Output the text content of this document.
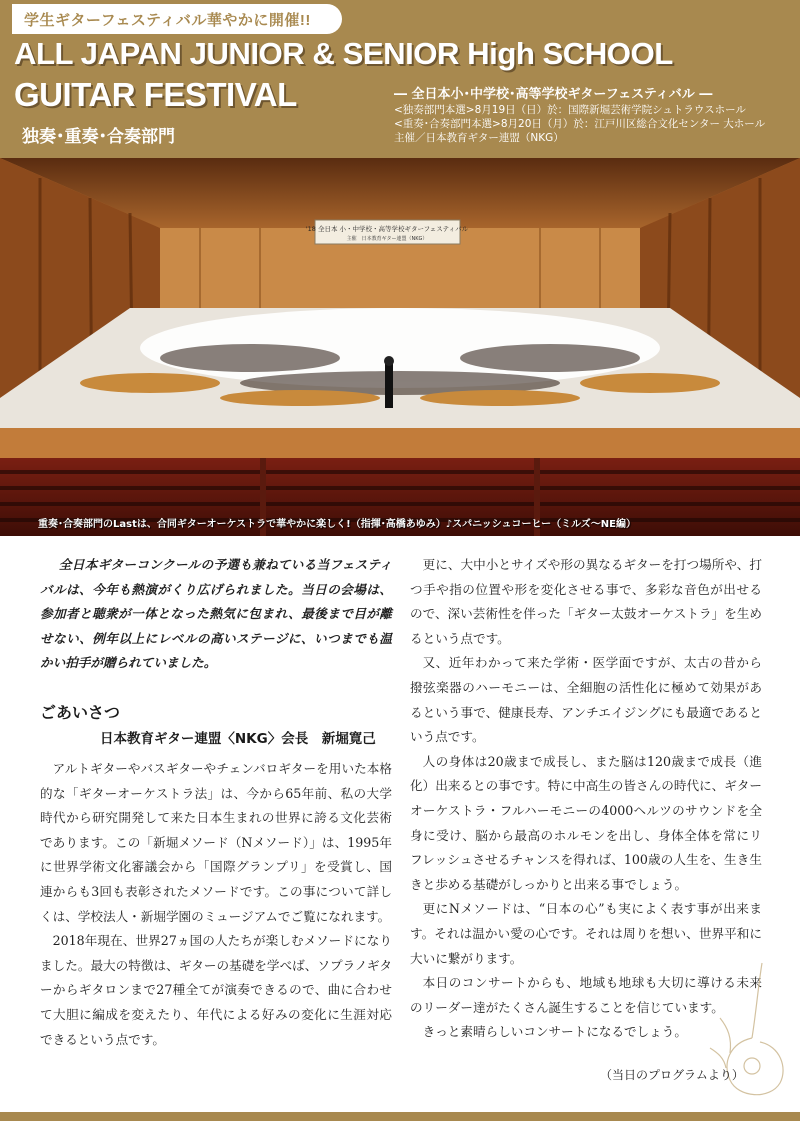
学生ギターフェスティバル華やかに開催!!
ALL JAPAN JUNIOR & SENIOR High SCHOOL
GUITAR FESTIVAL
独奏･重奏･合奏部門
― 全日本小･中学校･高等学校ギターフェスティバル ―
<独奏部門本選>8月19日（日）於：国際新堀芸術学院シュトラウスホール
<重奏･合奏部門本選>8月20日（月）於：江戸川区総合文化センター 大ホール
主催／日本教育ギター連盟（NKG）
'18 全日本 小・中学校・高等学校ギターフェスティバル
主催　日本教育ギター連盟（NKG）
重奏･合奏部門のLastは、合同ギターオーケストラで華やかに楽しく!（指揮･高橋あゆみ）♪スパニッシュコーヒー（ミルズ〜NE編）

全日本ギターコンクールの予選も兼ねている当フェスティバルは、今年も熱演がくり広げられました。当日の会場は、参加者と聴衆が一体となった熱気に包まれ、最後まで目が離せない、例年以上にレベルの高いステージに、いつまでも温かい拍手が贈られていました。

ごあいさつ
日本教育ギター連盟〈NKG〉会長　新堀寛己

アルトギターやバスギターやチェンバロギターを用いた本格的な「ギターオーケストラ法」は、今から65年前、私の大学時代から研究開発して来た日本生まれの世界に誇る文化芸術であります。この「新堀メソード（Nメソード）」は、1995年に世界学術文化審議会から「国際グランプリ」を受賞し、国連からも3回も表彰されたメソードです。この事について詳しくは、学校法人・新堀学園のミュージアムでご覧になれます。

2018年現在、世界27ヵ国の人たちが楽しむメソードになりました。最大の特徴は、ギターの基礎を学べば、ソプラノギターからギタロンまで27種全てが演奏できるので、曲に合わせて大胆に編成を変えたり、年代による好みの変化に生涯対応できるという点です。

更に、大中小とサイズや形の異なるギターを打つ場所や、打つ手や指の位置や形を変化させる事で、多彩な音色が出せるので、深い芸術性を伴った「ギター太鼓オーケストラ」を生めるという点です。

又、近年わかって来た学術・医学面ですが、太古の昔から撥弦楽器のハーモニーは、全細胞の活性化に極めて効果があるという事で、健康長寿、アンチエイジングにも最適であるという点です。

人の身体は20歳まで成長し、また脳は120歳まで成長（進化）出来るとの事です。特に中高生の皆さんの時代に、ギターオーケストラ・フルハーモニーの4000ヘルツのサウンドを全身に受け、脳から最高のホルモンを出し、身体全体を常にリフレッシュさせるチャンスを得れば、100歳の人生を、生き生きと歩める基礎がしっかりと出来る事でしょう。

更にNメソードは、“日本の心”も実によく表す事が出来ます。それは温かい愛の心です。それは周りを想い、世界平和に大いに繋がります。

本日のコンサートからも、地域も地球も大切に導ける未来のリーダー達がたくさん誕生することを信じています。

きっと素晴らしいコンサートになるでしょう。

（当日のプログラムより）
